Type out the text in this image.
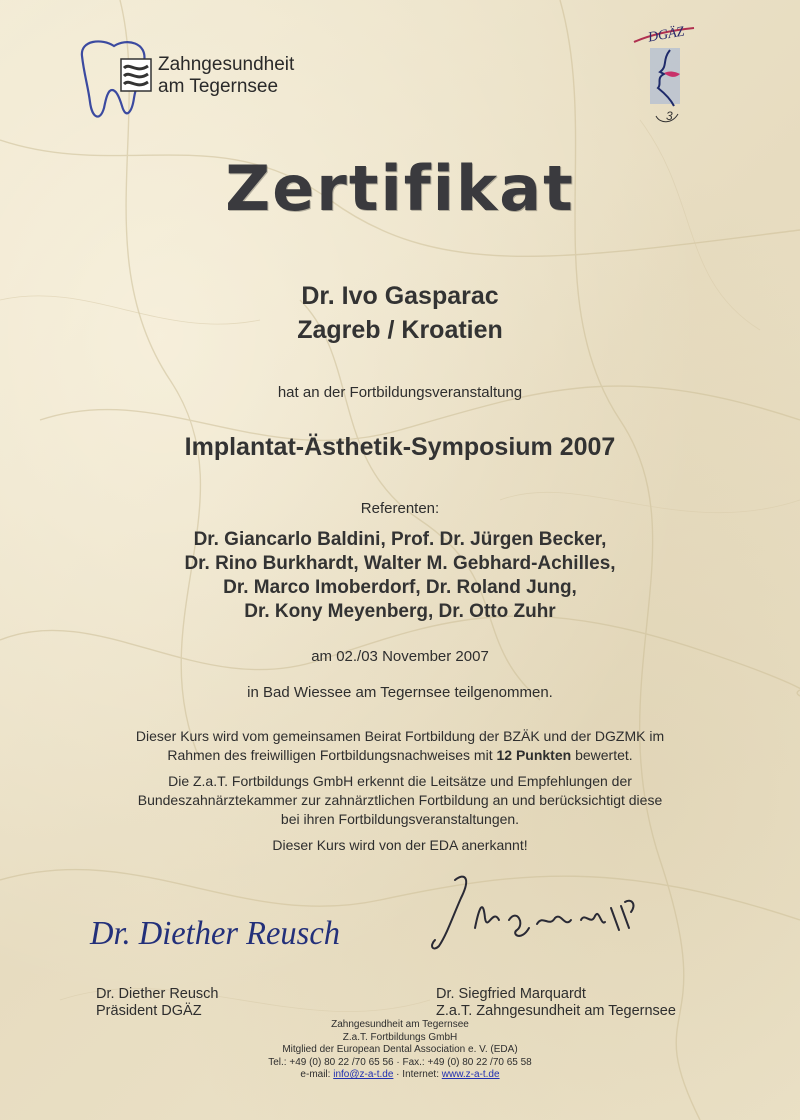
Zahngesundheit
am Tegernsee
DGÄZ
3
Zertifikat
Dr. Ivo Gasparac
Zagreb / Kroatien
hat an der Fortbildungsveranstaltung
Implantat-Ästhetik-Symposium 2007
Referenten:
Dr. Giancarlo Baldini, Prof. Dr. Jürgen Becker,
Dr. Rino Burkhardt, Walter M. Gebhard-Achilles,
Dr. Marco Imoberdorf, Dr. Roland Jung,
Dr. Kony Meyenberg, Dr. Otto Zuhr
am 02./03 November 2007
in Bad Wiessee am Tegernsee teilgenommen.
Dieser Kurs wird vom gemeinsamen Beirat Fortbildung der BZÄK und der DGZMK im
Rahmen des freiwilligen Fortbildungsnachweises mit 12 Punkten bewertet.
Die Z.a.T. Fortbildungs GmbH erkennt die Leitsätze und Empfehlungen der
Bundeszahnärztekammer zur zahnärztlichen Fortbildung an und berücksichtigt diese
bei ihren Fortbildungsveranstaltungen.
Dieser Kurs wird von der EDA anerkannt!
Dr. Diether Reusch
Dr. Diether Reusch
Präsident DGÄZ
Dr. Siegfried Marquardt
Z.a.T. Zahngesundheit am Tegernsee
Zahngesundheit am Tegernsee
Z.a.T. Fortbildungs GmbH
Mitglied der European Dental Association e. V. (EDA)
Tel.: +49 (0) 80 22 /70 65 56 · Fax.: +49 (0) 80 22 /70 65 58
e-mail: info@z-a-t.de · Internet: www.z-a-t.de
